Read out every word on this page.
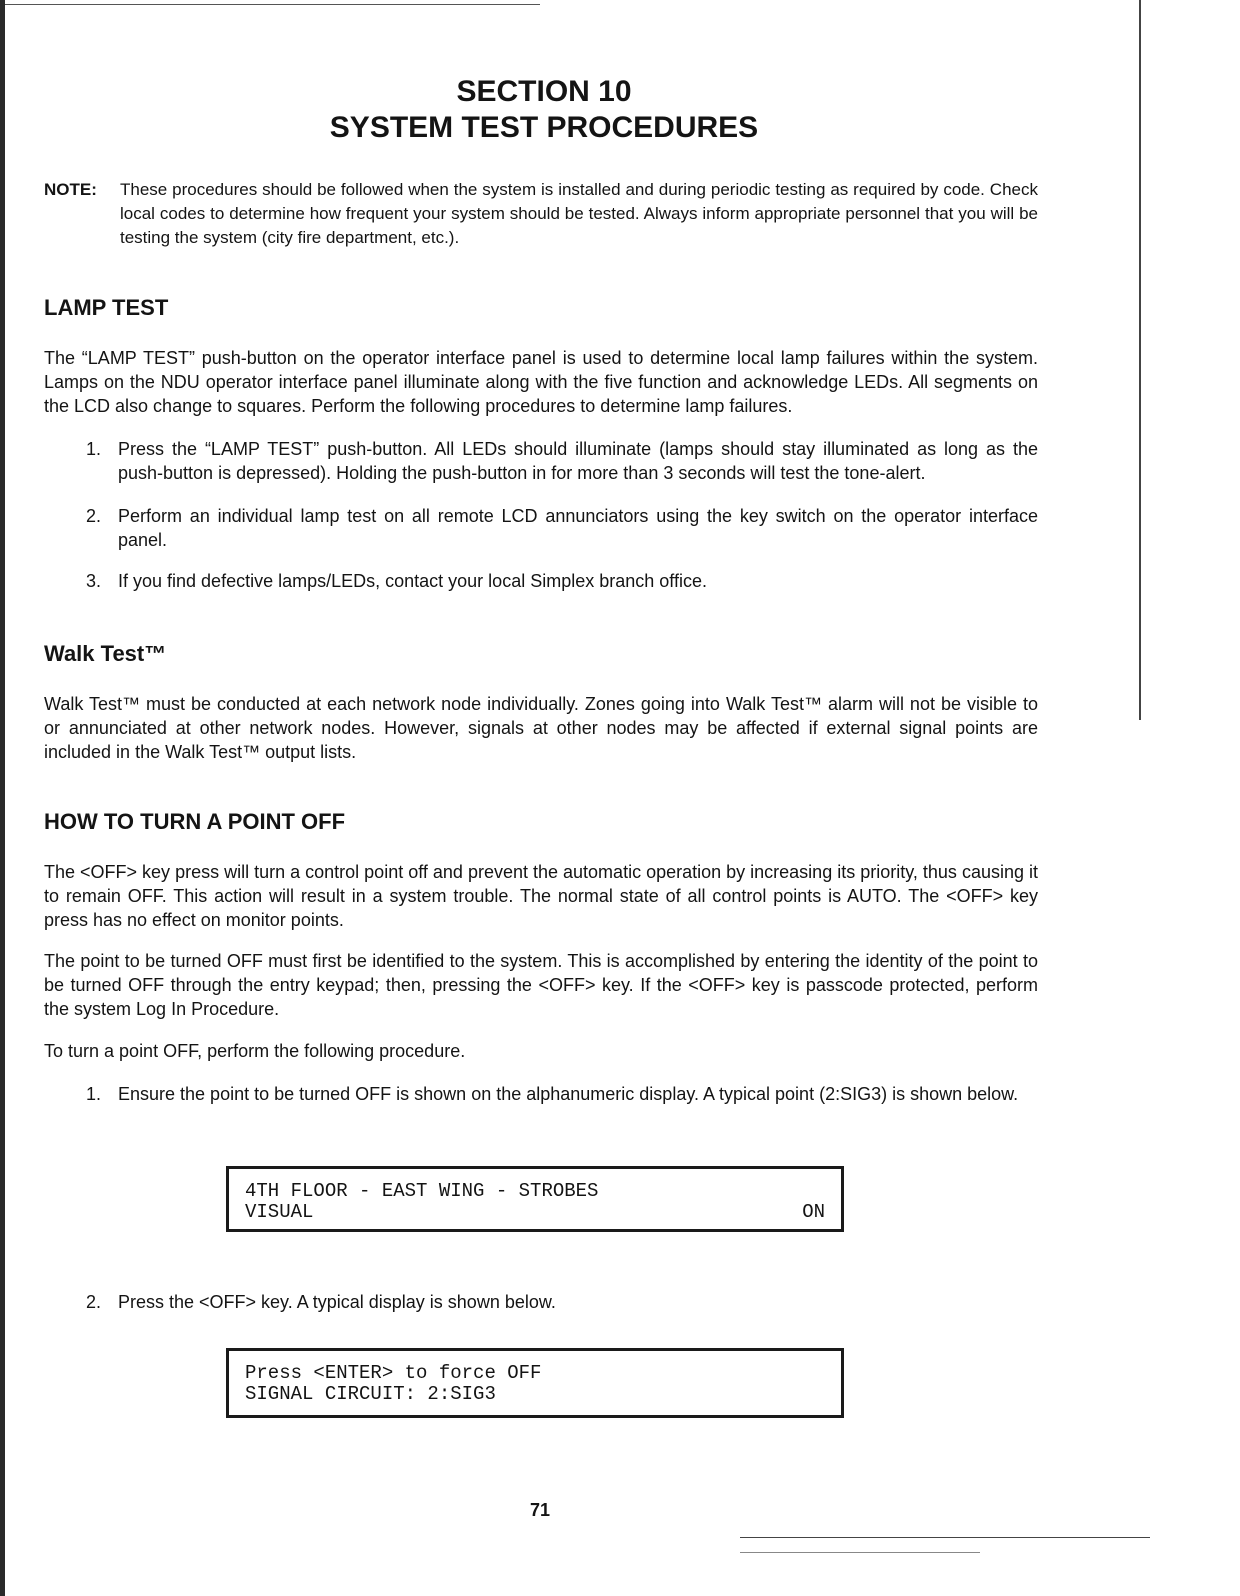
SECTION 10
SYSTEM TEST PROCEDURES
NOTE: These procedures should be followed when the system is installed and during periodic testing as required by code. Check local codes to determine how frequent your system should be tested. Always inform appropriate personnel that you will be testing the system (city fire department, etc.).
LAMP TEST

The “LAMP TEST” push-button on the operator interface panel is used to determine local lamp failures within the system. Lamps on the NDU operator interface panel illuminate along with the five function and acknowledge LEDs. All segments on the LCD also change to squares. Perform the following procedures to determine lamp failures.

1. Press the “LAMP TEST” push-button. All LEDs should illuminate (lamps should stay illuminated as long as the push-button is depressed). Holding the push-button in for more than 3 seconds will test the tone-alert.
2. Perform an individual lamp test on all remote LCD annunciators using the key switch on the operator interface panel.
3. If you find defective lamps/LEDs, contact your local Simplex branch office.
Walk Test™

Walk Test™ must be conducted at each network node individually. Zones going into Walk Test™ alarm will not be visible to or annunciated at other network nodes. However, signals at other nodes may be affected if external signal points are included in the Walk Test™ output lists.

HOW TO TURN A POINT OFF

The <OFF> key press will turn a control point off and prevent the automatic operation by increasing its priority, thus causing it to remain OFF. This action will result in a system trouble. The normal state of all control points is AUTO. The <OFF> key press has no effect on monitor points.

The point to be turned OFF must first be identified to the system. This is accomplished by entering the identity of the point to be turned OFF through the entry keypad; then, pressing the <OFF> key. If the <OFF> key is passcode protected, perform the system Log In Procedure.

To turn a point OFF, perform the following procedure.

1. Ensure the point to be turned OFF is shown on the alphanumeric display. A typical point (2:SIG3) is shown below.
4TH FLOOR - EAST WING - STROBES
VISUAL	ON
2. Press the <OFF> key. A typical display is shown below.
Press <ENTER> to force OFF
SIGNAL CIRCUIT: 2:SIG3
71
